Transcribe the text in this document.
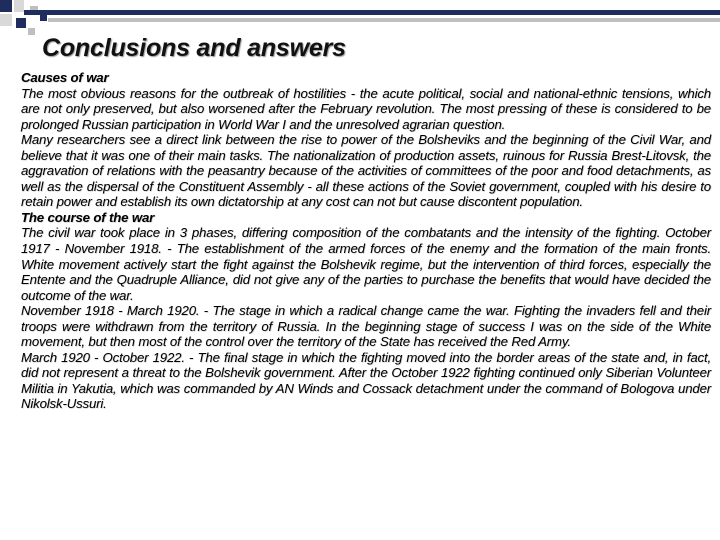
Conclusions and answers

Causes of war

The most obvious reasons for the outbreak of hostilities - the acute political, social and national-ethnic tensions, which are not only preserved, but also worsened after the February revolution. The most pressing of these is considered to be prolonged Russian participation in World War I and the unresolved agrarian question.

Many researchers see a direct link between the rise to power of the Bolsheviks and the beginning of the Civil War, and believe that it was one of their main tasks. The nationalization of production assets, ruinous for Russia Brest-Litovsk, the aggravation of relations with the peasantry because of the activities of committees of the poor and food detachments, as well as the dispersal of the Constituent Assembly - all these actions of the Soviet government, coupled with his desire to retain power and establish its own dictatorship at any cost can not but cause discontent population.

The course of the war

The civil war took place in 3 phases, differing composition of the combatants and the intensity of the fighting. October 1917 - November 1918. - The establishment of the armed forces of the enemy and the formation of the main fronts. White movement actively start the fight against the Bolshevik regime, but the intervention of third forces, especially the Entente and the Quadruple Alliance, did not give any of the parties to purchase the benefits that would have decided the outcome of the war.

November 1918 - March 1920. - The stage in which a radical change came the war. Fighting the invaders fell and their troops were withdrawn from the territory of Russia. In the beginning stage of success I was on the side of the White movement, but then most of the control over the territory of the State has received the Red Army.

March 1920 - October 1922. - The final stage in which the fighting moved into the border areas of the state and, in fact, did not represent a threat to the Bolshevik government. After the October 1922 fighting continued only Siberian Volunteer Militia in Yakutia, which was commanded by AN Winds and Cossack detachment under the command of Bologova under Nikolsk-Ussuri.
